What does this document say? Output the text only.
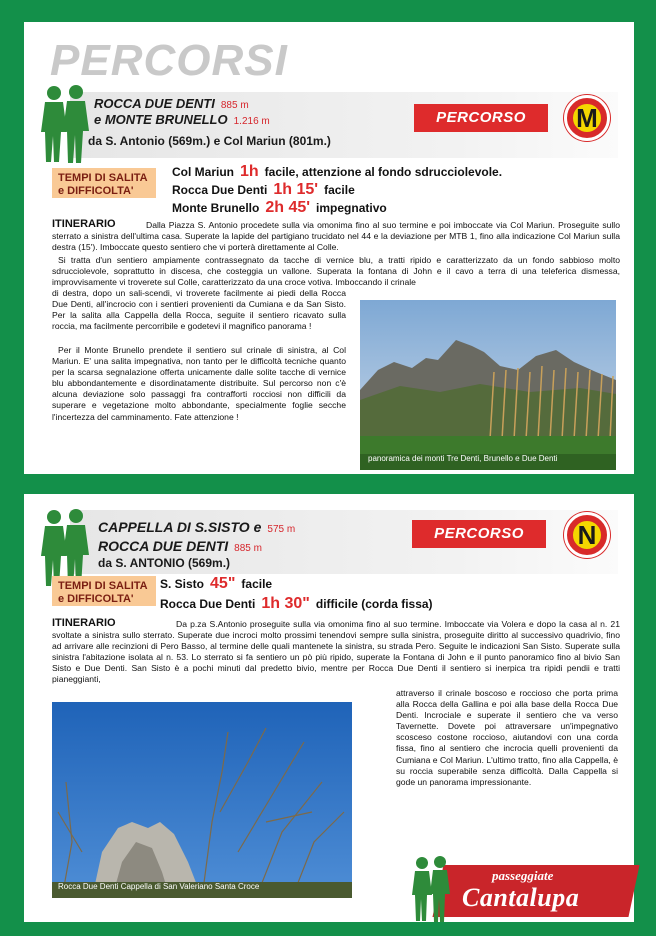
PERCORSI
ROCCA DUE DENTI 885 m
e MONTE BRUNELLO 1.216 m
da S. Antonio (569m.) e Col Mariun (801m.)
PERCORSO	M
TEMPI DI SALITA
e DIFFICOLTA'
Col Mariun 1h facile, attenzione al fondo sdrucciolevole.
Rocca Due Denti 1h 15' facile
Monte Brunello 2h 45' impegnativo
ITINERARIO	Dalla Piazza S. Antonio procedete sulla via omonima fino al suo termine e poi imboccate via Col Mariun. Proseguite sullo sterrato a sinistra dell'ultima casa. Superate la lapide del partigiano trucidato nel 44 e la deviazione per MTB 1, fino alla indicazione Col Mariun sulla destra (15'). Imboccate questo sentiero che vi porterà direttamente al Colle.
Si tratta d'un sentiero ampiamente contrassegnato da tacche di vernice blu, a tratti ripido e caratterizzato da un fondo sabbioso molto sdrucciolevole, soprattutto in discesa, che costeggia un vallone. Superata la fontana di John e il cavo a terra di una teleferica dismessa, improvvisamente vi troverete sul Colle, caratterizzato da una croce votiva. Imboccando il crinale
di destra, dopo un sali-scendi, vi troverete facilmente ai piedi della Rocca Due Denti, all'incrocio con i sentieri provenienti da Cumiana e da San Sisto. Per la salita alla Cappella della Rocca, seguite il sentiero ricavato sulla roccia, ma facilmente percorribile e godetevi il magnifico panorama !
Per il Monte Brunello prendete il sentiero sul crinale di sinistra, al Col Mariun. E' una salita impegnativa, non tanto per le difficoltà tecniche quanto per la scarsa segnalazione offerta unicamente dalle solite tacche di vernice blu abbondantemente e disordinatamente distribuite. Sul percorso non c'è alcuna deviazione solo passaggi fra contrafforti rocciosi non difficili da superare e vegetazione molto abbondante, specialmente foglie secche l'incertezza del camminamento. Fate attenzione !
panoramica dei monti Tre Denti, Brunello e Due Denti
CAPPELLA DI S.SISTO e 575 m
ROCCA DUE DENTI 885 m
da S. ANTONIO (569m.)
PERCORSO	N
TEMPI DI SALITA
e DIFFICOLTA'
S. Sisto 45" facile
Rocca Due Denti 1h 30" difficile (corda fissa)
ITINERARIO	Da p.za S.Antonio proseguite sulla via omonima fino al suo termine. Imboccate via Volera e dopo la casa al n. 21 svoltate a sinistra sullo sterrato. Superate due incroci molto prossimi tenendovi sempre sulla sinistra, proseguite diritto al successivo quadrivio, fino ad arrivare alle recinzioni di Pero Basso, al termine delle quali mantenete la sinistra, su strada Pero. Seguite le indicazioni San Sisto. Superate sulla sinistra l'abitazione isolata al n. 53. Lo sterrato si fa sentiero un pò più ripido, superate la Fontana di John e il punto panoramico fino al bivio San Sisto e Due Denti. San Sisto è a pochi minuti dal predetto bivio, mentre per Rocca Due Denti il sentiero si inerpica tra ripidi pendii e tratti pianeggianti,
attraverso il crinale boscoso e roccioso che porta prima alla Rocca della Gallina e poi alla base della Rocca Due Denti. Incrociale e superate il sentiero che va verso Tavernette. Dovete poi attraversare un'impegnativo scosceso costone roccioso, aiutandovi con una corda fissa, fino al sentiero che incrocia quelli provenienti da Cumiana e Col Mariun. L'ultimo tratto, fino alla Cappella, è su roccia superabile senza difficoltà. Dalla Cappella si gode un panorama impressionante.
Rocca Due Denti Cappella di San Valeriano Santa Croce
passeggiate
Cantalupa
